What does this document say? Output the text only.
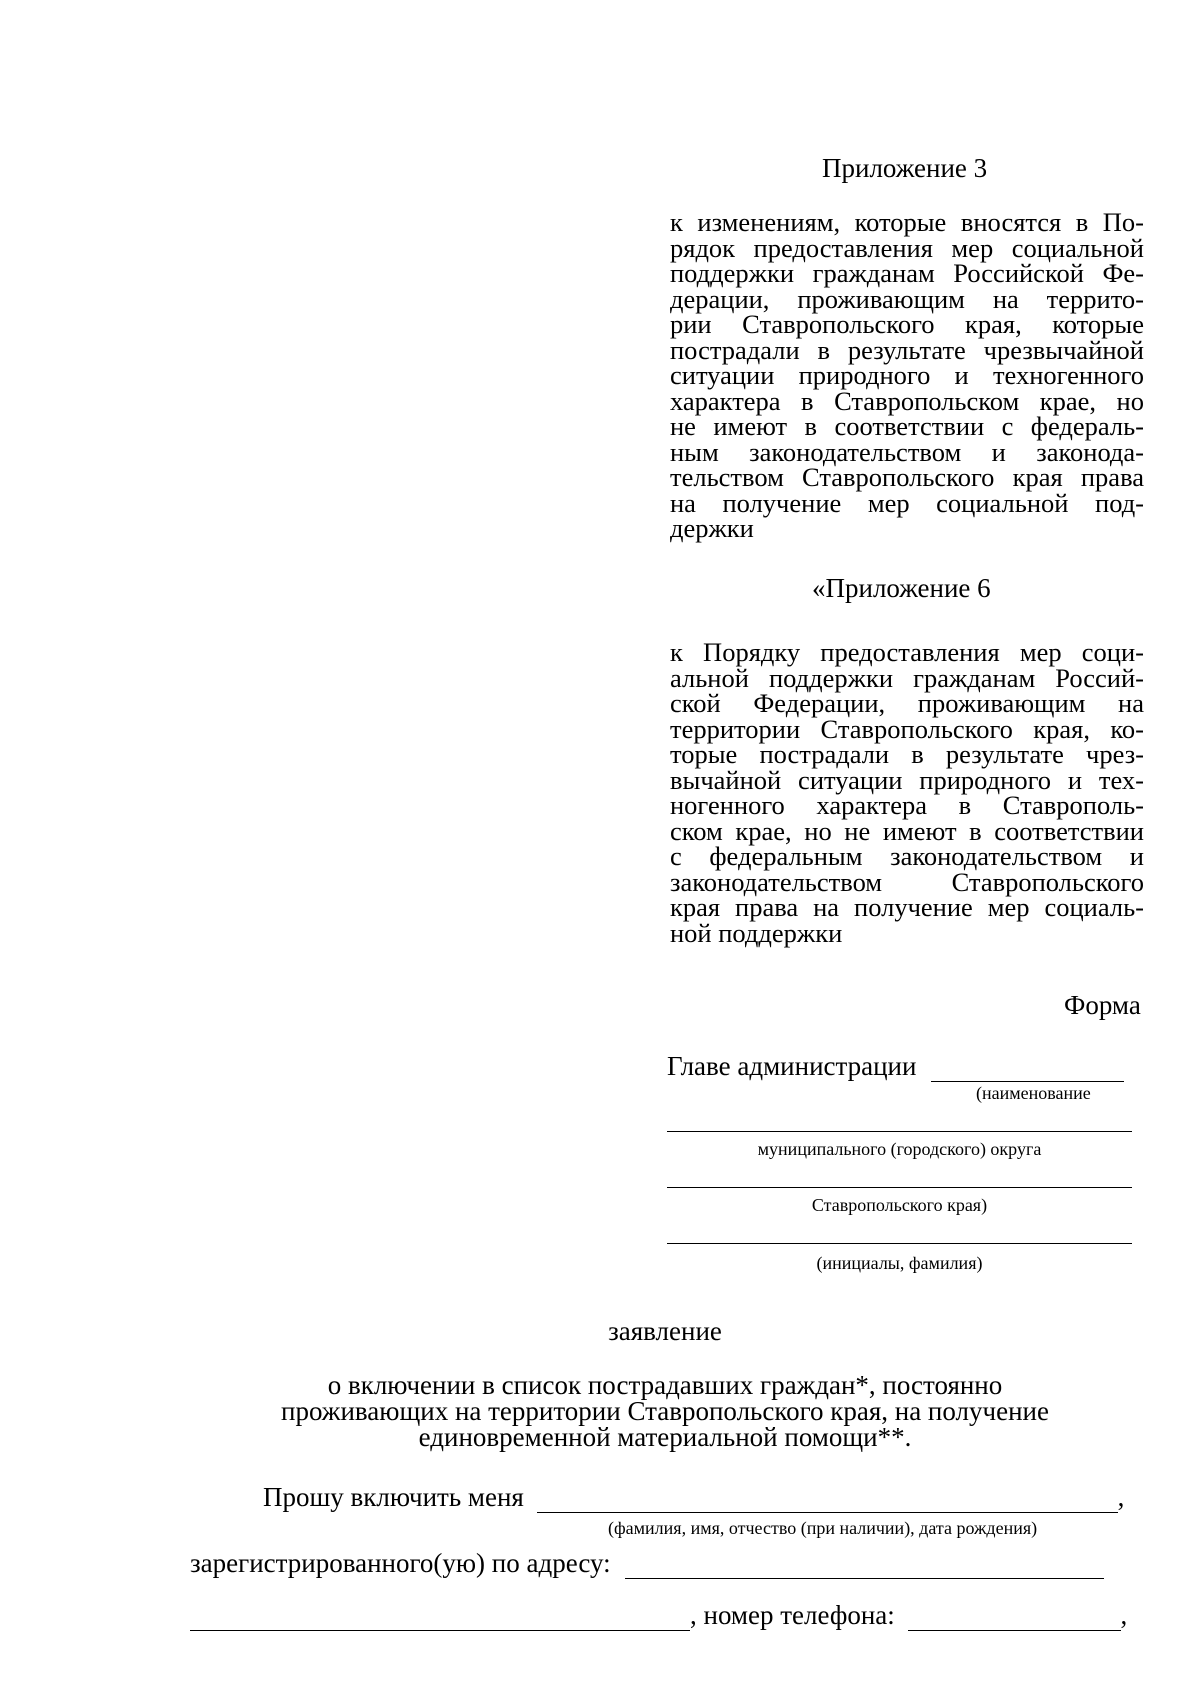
Приложение 3
к изменениям, которые вносятся в По-
рядок предоставления мер социальной
поддержки гражданам Российской Фе-
дерации, проживающим на террито-
рии Ставропольского края, которые
пострадали в результате чрезвычайной
ситуации природного и техногенного
характера в Ставропольском крае, но
не имеют в соответствии с федераль-
ным законодательством и законода-
тельством Ставропольского края права
на получение мер социальной под-
держки
«Приложение 6
к Порядку предоставления мер соци-
альной поддержки гражданам Россий-
ской Федерации, проживающим на
территории Ставропольского края, ко-
торые пострадали в результате чрез-
вычайной ситуации природного и тех-
ногенного характера в Ставрополь-
ском крае, но не имеют в соответствии
с федеральным законодательством и
законодательством Ставропольского
края права на получение мер социаль-
ной поддержки
Форма
Главе администрации
(наименование
муниципального (городского) округа
Ставропольского края)
(инициалы, фамилия)
заявление
о включении в список пострадавших граждан*, постоянно
проживающих на территории Ставропольского края, на получение
единовременной материальной помощи**.
Прошу включить меня	,
(фамилия, имя, отчество (при наличии), дата рождения)
зарегистрированного(ую) по адресу:
, номер телефона:	,
